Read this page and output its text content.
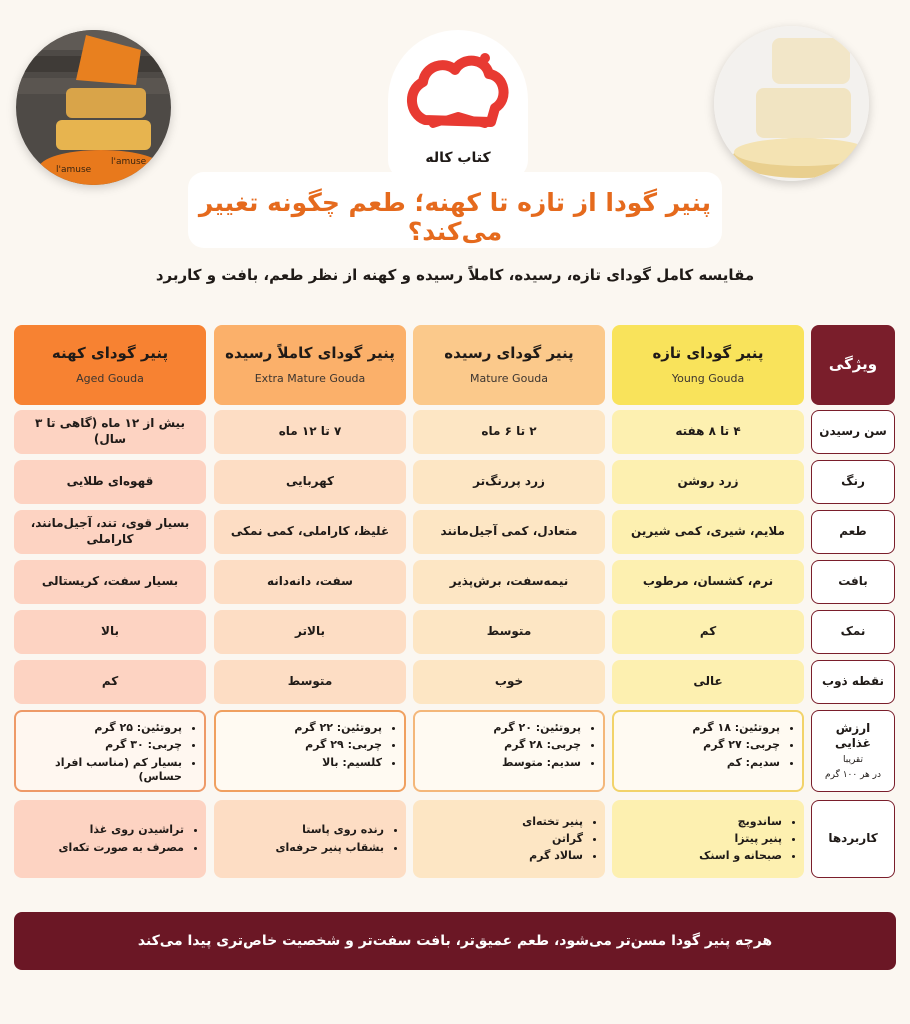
l'amuse
l'amuse
کتاب کاله
پنیر گودا از تازه تا کهنه؛ طعم چگونه تغییر می‌کند؟
مقایسه کامل گودای تازه، رسیده، کاملاً رسیده و کهنه از نظر طعم، بافت و کاربرد
ویژگی
پنیر گودای تازه
Young Gouda
پنیر گودای رسیده
Mature Gouda
پنیر گودای کاملاً رسیده
Extra Mature Gouda
پنیر گودای کهنه
Aged Gouda
سن رسیدن
۴ تا ۸ هفته
۲ تا ۶ ماه
۷ تا ۱۲ ماه
بیش از ۱۲ ماه (گاهی تا ۳ سال)
رنگ
زرد روشن
زرد پررنگ‌تر
کهربایی
قهوه‌ای طلایی
طعم
ملایم، شیری، کمی شیرین
متعادل، کمی آجیل‌مانند
غلیظ، کاراملی، کمی نمکی
بسیار قوی، تند، آجیل‌مانند، کاراملی
بافت
نرم، کشسان، مرطوب
نیمه‌سفت، برش‌پذیر
سفت، دانه‌دانه
بسیار سفت، کریستالی
نمک
کم
متوسط
بالاتر
بالا
نقطه ذوب
عالی
خوب
متوسط
کم
ارزش غذایی
تقریبا
در هر ۱۰۰ گرم
• پروتئین: ۱۸ گرم
• چربی: ۲۷ گرم
• سدیم: کم
• پروتئین: ۲۰ گرم
• چربی: ۲۸ گرم
• سدیم: متوسط
• پروتئین: ۲۲ گرم
• چربی: ۲۹ گرم
• کلسیم: بالا
• پروتئین: ۲۵ گرم
• چربی: ۳۰ گرم
• بسیار کم (مناسب افراد حساس)
کاربردها
• ساندویچ
• پنیر پیتزا
• صبحانه و اسنک
• پنیر تخته‌ای
• گراتن
• سالاد گرم
• رنده روی پاستا
• بشقاب پنیر حرفه‌ای
• تراشیدن روی غذا
• مصرف به صورت تکه‌ای
هرچه پنیر گودا مسن‌تر می‌شود، طعم عمیق‌تر، بافت سفت‌تر و شخصیت خاص‌تری پیدا می‌کند
